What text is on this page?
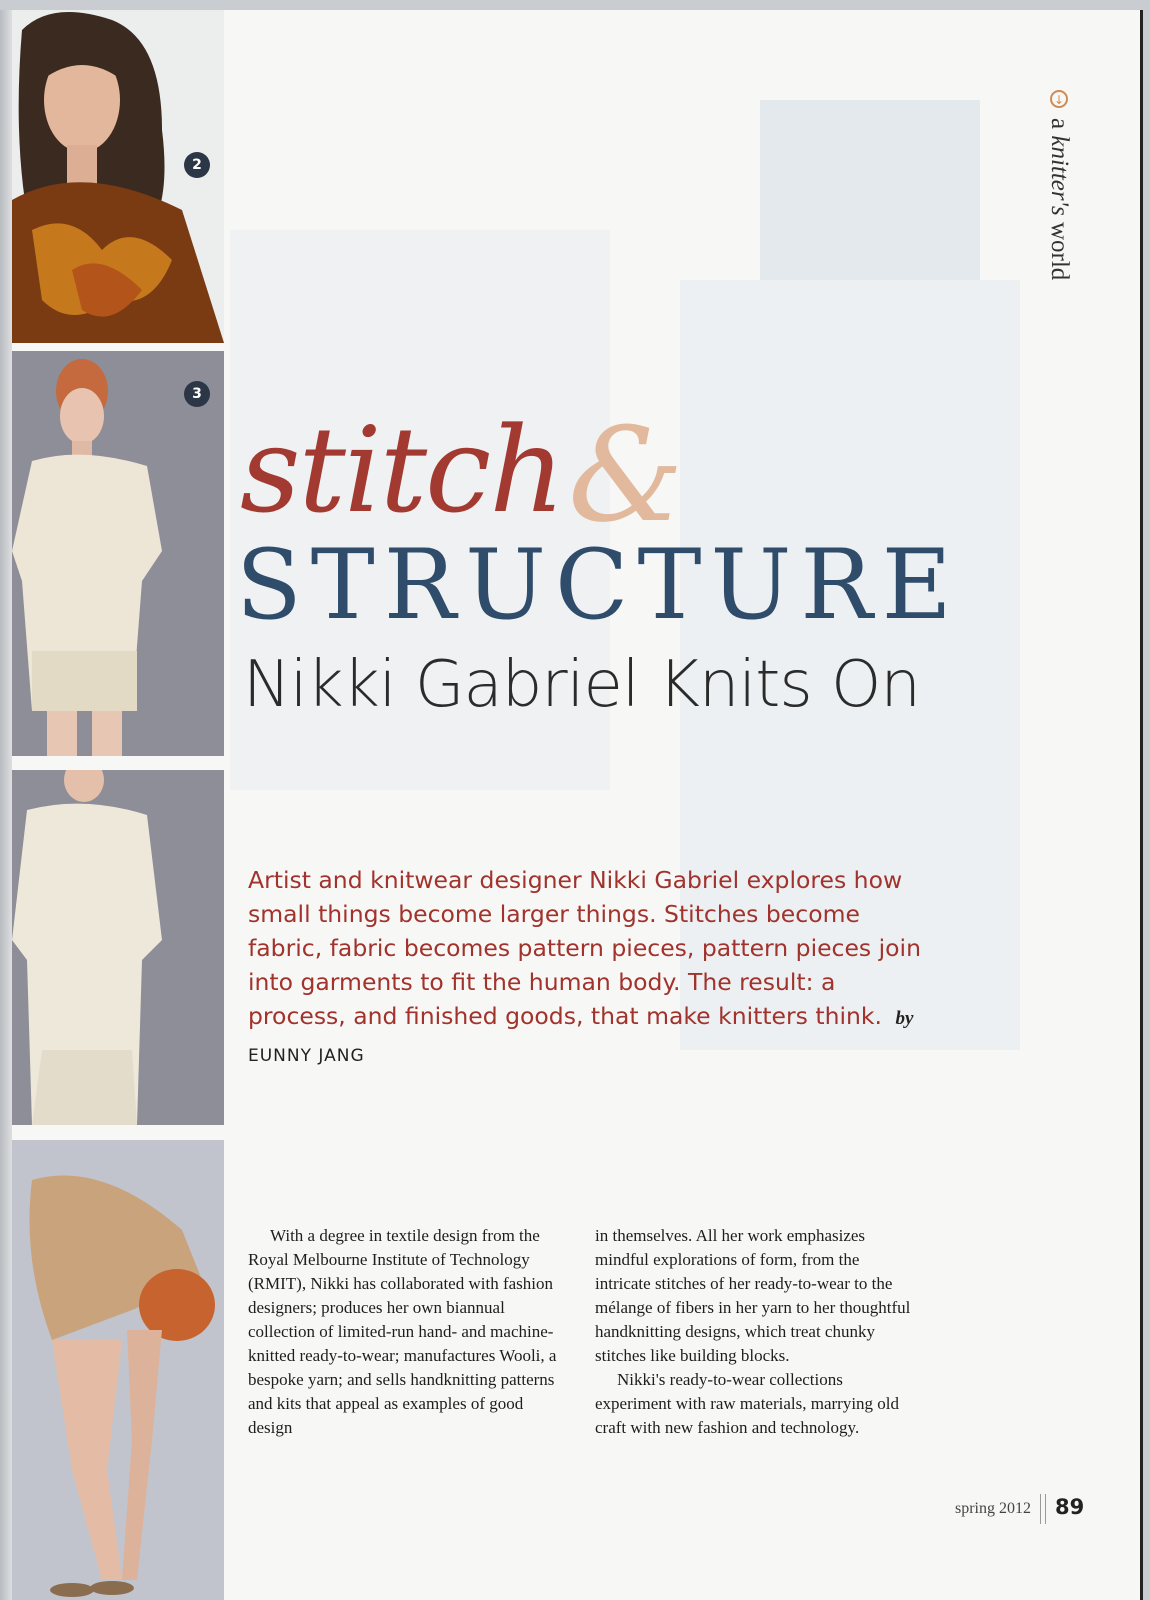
2
3
↓
a knitter's world
stitch &
STRUCTURE
Nikki Gabriel Knits On
Artist and knitwear designer Nikki Gabriel explores how small things become larger things. Stitches become fabric, fabric becomes pattern pieces, pattern pieces join into garments to fit the human body. The result: a process, and finished goods, that make knitters think. by EUNNY JANG

With a degree in textile design from the Royal Melbourne Institute of Technology (RMIT), Nikki has collaborated with fashion designers; produces her own biannual collection of limited-run hand- and machine-knitted ready-to-wear; manufactures Wooli, a bespoke yarn; and sells handknitting patterns and kits that appeal as examples of good design

in themselves. All her work emphasizes mindful explorations of form, from the intricate stitches of her ready-to-wear to the mélange of fibers in her yarn to her thoughtful handknitting designs, which treat chunky stitches like building blocks.

Nikki's ready-to-wear collections experiment with raw materials, marrying old craft with new fashion and technology.

spring 2012 89
